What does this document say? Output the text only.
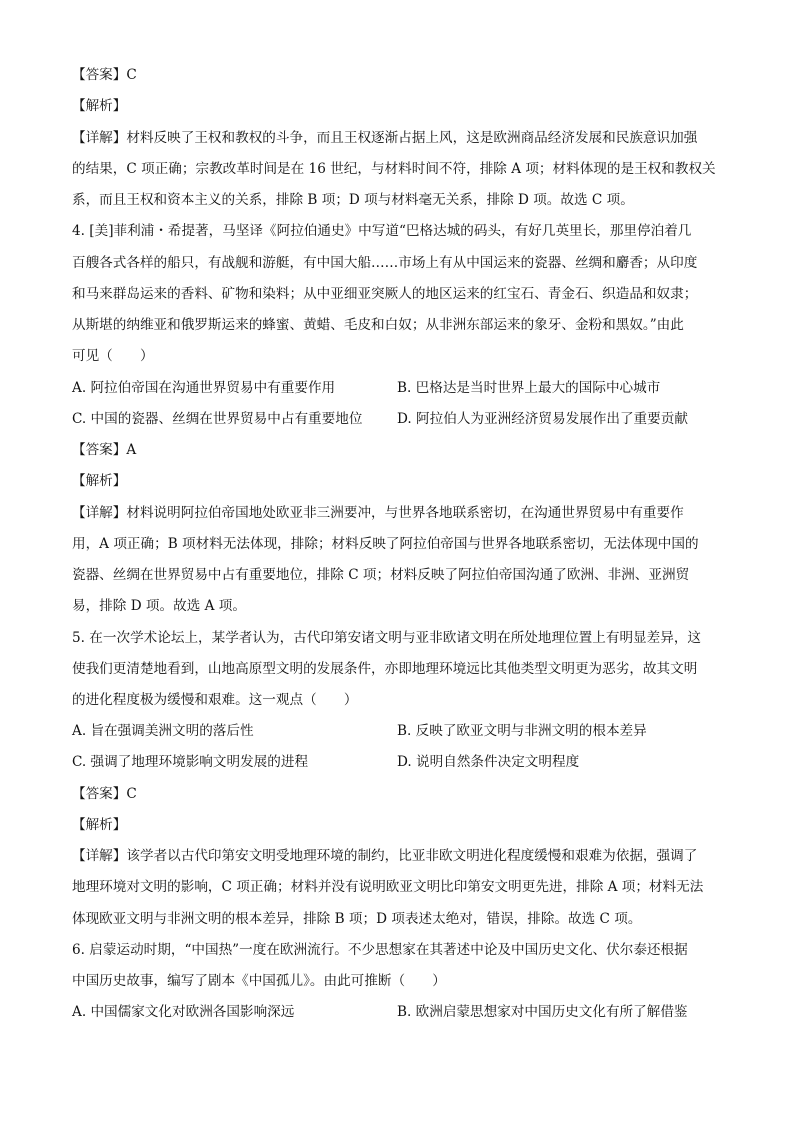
【答案】C
【解析】
【详解】材料反映了王权和教权的斗争，而且王权逐渐占据上风，这是欧洲商品经济发展和民族意识加强
的结果，C 项正确；宗教改革时间是在 16 世纪，与材料时间不符，排除 A 项；材料体现的是王权和教权关
系，而且王权和资本主义的关系，排除 B 项；D 项与材料毫无关系，排除 D 项。故选 C 项。
4. [美]菲利浦・希提著，马坚译《阿拉伯通史》中写道“巴格达城的码头，有好几英里长，那里停泊着几
百艘各式各样的船只，有战舰和游艇，有中国大船……市场上有从中国运来的瓷器、丝绸和麝香；从印度
和马来群岛运来的香料、矿物和染料；从中亚细亚突厥人的地区运来的红宝石、青金石、织造品和奴隶；
从斯堪的纳维亚和俄罗斯运来的蜂蜜、黄蜡、毛皮和白奴；从非洲东部运来的象牙、金粉和黑奴。”由此
可见（　　）
A. 阿拉伯帝国在沟通世界贸易中有重要作用	B. 巴格达是当时世界上最大的国际中心城市
C. 中国的瓷器、丝绸在世界贸易中占有重要地位	D. 阿拉伯人为亚洲经济贸易发展作出了重要贡献
【答案】A
【解析】
【详解】材料说明阿拉伯帝国地处欧亚非三洲要冲，与世界各地联系密切，在沟通世界贸易中有重要作
用，A 项正确；B 项材料无法体现，排除；材料反映了阿拉伯帝国与世界各地联系密切，无法体现中国的
瓷器、丝绸在世界贸易中占有重要地位，排除 C 项；材料反映了阿拉伯帝国沟通了欧洲、非洲、亚洲贸
易，排除 D 项。故选 A 项。
5. 在一次学术论坛上，某学者认为，古代印第安诸文明与亚非欧诸文明在所处地理位置上有明显差异，这
使我们更清楚地看到，山地高原型文明的发展条件，亦即地理环境远比其他类型文明更为恶劣，故其文明
的进化程度极为缓慢和艰难。这一观点（　　）
A. 旨在强调美洲文明的落后性	B. 反映了欧亚文明与非洲文明的根本差异
C. 强调了地理环境影响文明发展的进程	D. 说明自然条件决定文明程度
【答案】C
【解析】
【详解】该学者以古代印第安文明受地理环境的制约，比亚非欧文明进化程度缓慢和艰难为依据，强调了
地理环境对文明的影响，C 项正确；材料并没有说明欧亚文明比印第安文明更先进，排除 A 项；材料无法
体现欧亚文明与非洲文明的根本差异，排除 B 项；D 项表述太绝对，错误，排除。故选 C 项。
6. 启蒙运动时期，“中国热”一度在欧洲流行。不少思想家在其著述中论及中国历史文化、伏尔泰还根据
中国历史故事，编写了剧本《中国孤儿》。由此可推断（　　）
A. 中国儒家文化对欧洲各国影响深远	B. 欧洲启蒙思想家对中国历史文化有所了解借鉴
